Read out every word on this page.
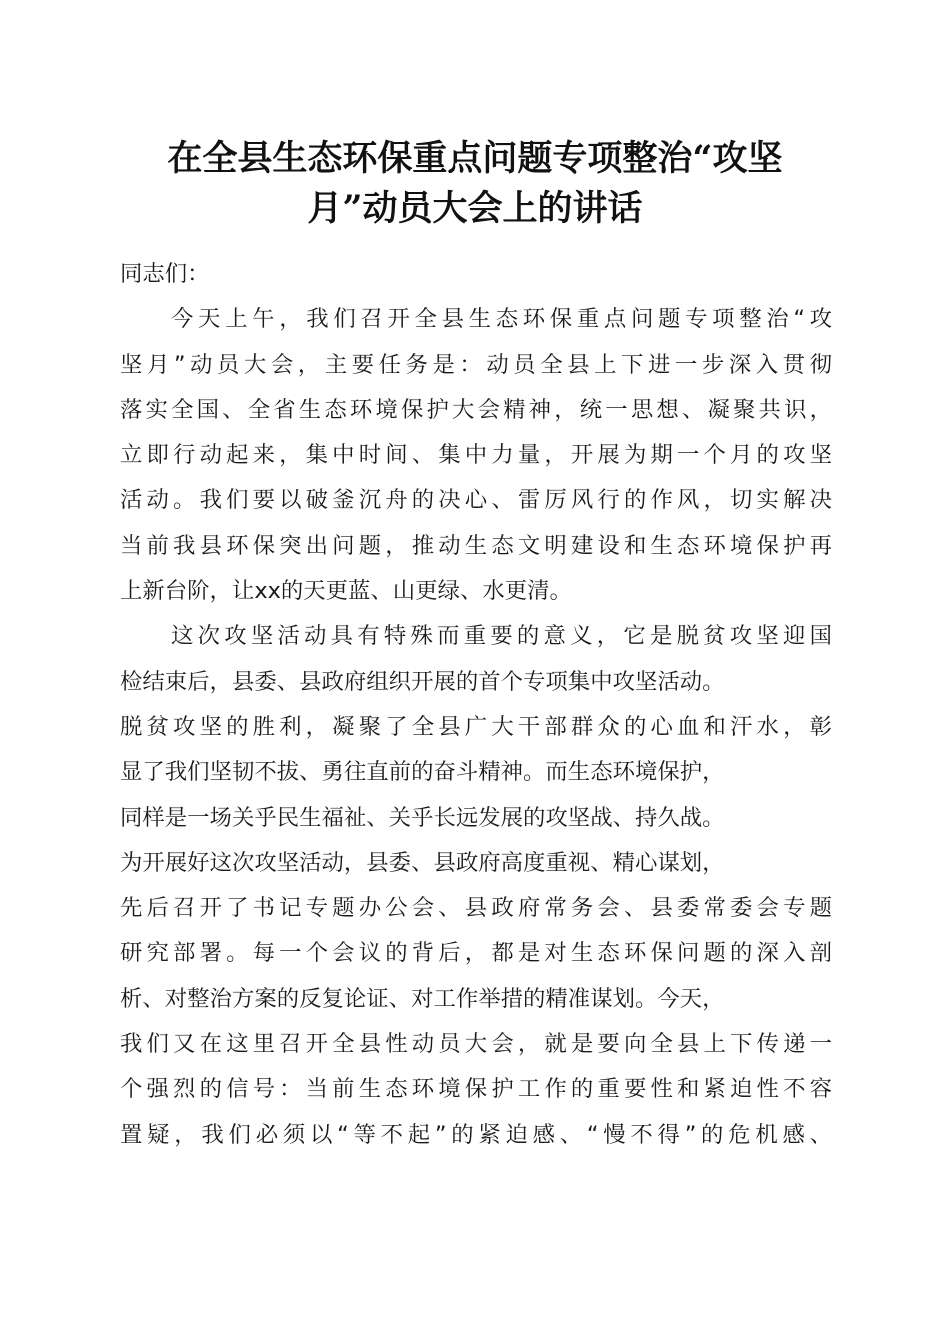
在全县生态环保重点问题专项整治“攻坚
月”动员大会上的讲话
同志们：
今天上午，我们召开全县生态环保重点问题专项整治“攻
坚月”动员大会，主要任务是：动员全县上下进一步深入贯彻
落实全国、全省生态环境保护大会精神，统一思想、凝聚共识，
立即行动起来，集中时间、集中力量，开展为期一个月的攻坚
活动。我们要以破釜沉舟的决心、雷厉风行的作风，切实解决
当前我县环保突出问题，推动生态文明建设和生态环境保护再
上新台阶，让xx的天更蓝、山更绿、水更清。
这次攻坚活动具有特殊而重要的意义，它是脱贫攻坚迎国
检结束后，县委、县政府组织开展的首个专项集中攻坚活动。
脱贫攻坚的胜利，凝聚了全县广大干部群众的心血和汗水，彰
显了我们坚韧不拔、勇往直前的奋斗精神。而生态环境保护，
同样是一场关乎民生福祉、关乎长远发展的攻坚战、持久战。
为开展好这次攻坚活动，县委、县政府高度重视、精心谋划，
先后召开了书记专题办公会、县政府常务会、县委常委会专题
研究部署。每一个会议的背后，都是对生态环保问题的深入剖
析、对整治方案的反复论证、对工作举措的精准谋划。今天，
我们又在这里召开全县性动员大会，就是要向全县上下传递一
个强烈的信号：当前生态环境保护工作的重要性和紧迫性不容
置疑，我们必须以“等不起”的紧迫感、“慢不得”的危机感、
